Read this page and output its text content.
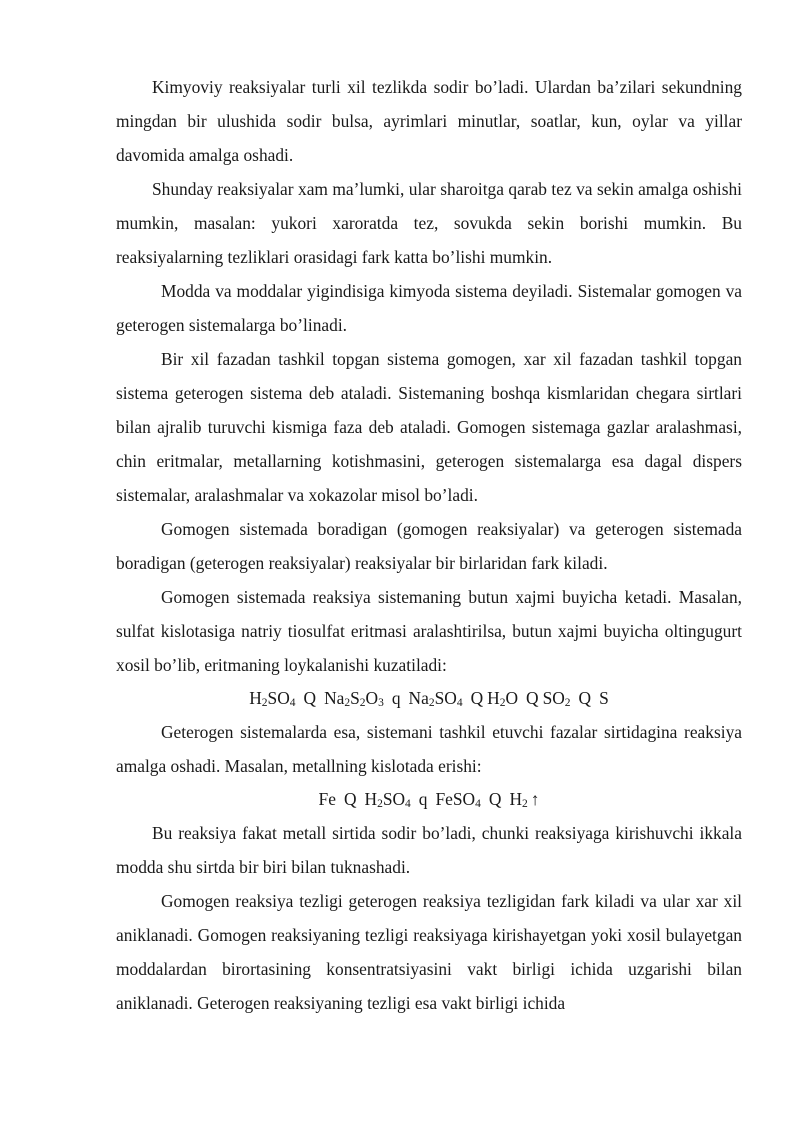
Kimyoviy reaksiyalar turli xil tezlikda sodir bo’ladi. Ulardan ba’zilari sekundning mingdan bir ulushida sodir bulsa, ayrimlari minutlar, soatlar, kun, oylar va yillar davomida amalga oshadi.

Shunday reaksiyalar xam ma’lumki, ular sharoitga qarab tez va sekin amalga oshishi mumkin, masalan: yukori xaroratda tez, sovukda sekin borishi mumkin. Bu reaksiyalarning tezliklari orasidagi fark katta bo’lishi mumkin.

Modda va moddalar yigindisiga kimyoda sistema deyiladi. Sistemalar gomogen va geterogen sistemalarga bo’linadi.

Bir xil fazadan tashkil topgan sistema gomogen, xar xil fazadan tashkil topgan sistema geterogen sistema deb ataladi. Sistemaning boshqa kismlaridan chegara sirtlari bilan ajralib turuvchi kismiga faza deb ataladi. Gomogen sistemaga gazlar aralashmasi, chin eritmalar, metallarning kotishmasini, geterogen sistemalarga esa dagal dispers sistemalar, aralashmalar va xokazolar misol bo’ladi.

Gomogen sistemada boradigan (gomogen reaksiyalar) va geterogen sistemada boradigan (geterogen reaksiyalar) reaksiyalar bir birlaridan fark kiladi.

Gomogen sistemada reaksiya sistemaning butun xajmi buyicha ketadi. Masalan, sulfat kislotasiga natriy tiosulfat eritmasi aralashtirilsa, butun xajmi buyicha oltingugurt xosil bo’lib, eritmaning loykalanishi kuzatiladi:

$H_2SO_4$ Q $Na_2S_2O_3$ q $Na_2SO_4$ Q $H_2O$ Q $SO_2$ Q S

Geterogen sistemalarda esa, sistemani tashkil etuvchi fazalar sirtidagina reaksiya amalga oshadi. Masalan, metallning kislotada erishi:

Fe Q $H_2SO_4$ q FeSO$_4$ Q $H_2$ ↑

Bu reaksiya fakat metall sirtida sodir bo’ladi, chunki reaksiyaga kirishuvchi ikkala modda shu sirtda bir biri bilan tuknashadi.

Gomogen reaksiya tezligi geterogen reaksiya tezligidan fark kiladi va ular xar xil aniklanadi. Gomogen reaksiyaning tezligi reaksiyaga kirishayetgan yoki xosil bulayetgan moddalardan birortasining konsentratsiyasini vakt birligi ichida uzgarishi bilan aniklanadi. Geterogen reaksiyaning tezligi esa vakt birligi ichida
